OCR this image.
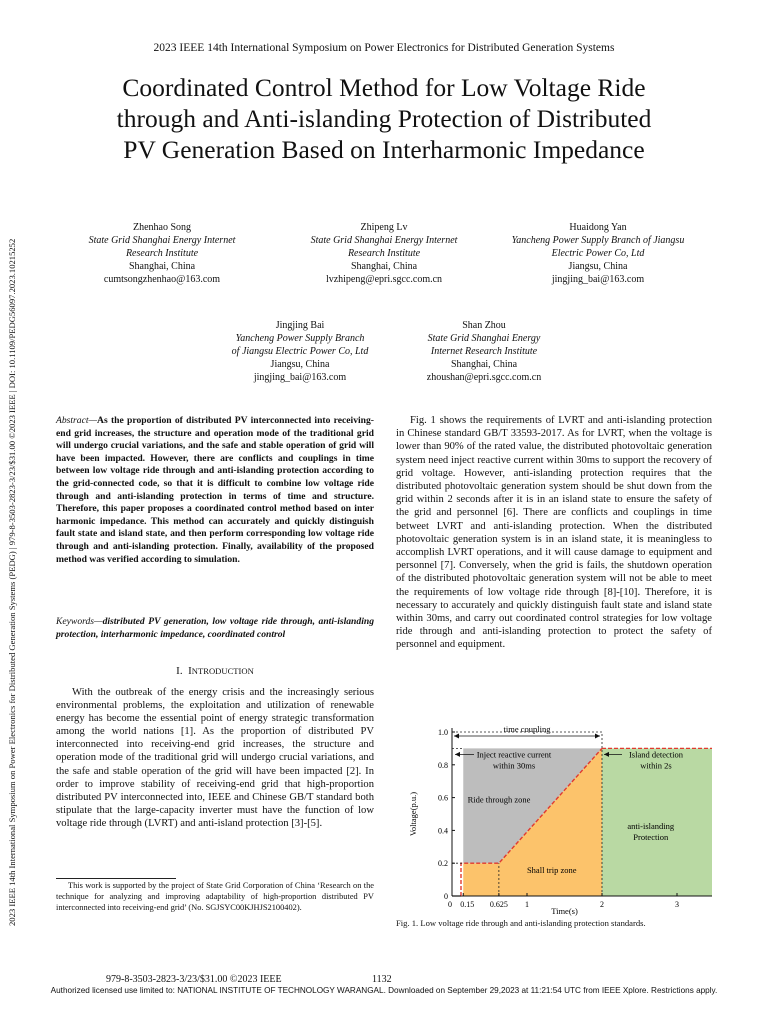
2023 IEEE 14th International Symposium on Power Electronics for Distributed Generation Systems
2023 IEEE 14th International Symposium on Power Electronics for Distributed Generation Systems (PEDG) | 979-8-3503-2823-3/23/$31.00 ©2023 IEEE | DOI: 10.1109/PEDG56097.2023.10215252
Coordinated Control Method for Low Voltage Ride
through and Anti-islanding Protection of Distributed
PV Generation Based on Interharmonic Impedance
Zhenhao Song
State Grid Shanghai Energy Internet
Research Institute
Shanghai, China
cumtsongzhenhao@163.com
Zhipeng Lv
State Grid Shanghai Energy Internet
Research Institute
Shanghai, China
lvzhipeng@epri.sgcc.com.cn
Huaidong Yan
Yancheng Power Supply Branch of Jiangsu
Electric Power Co, Ltd
Jiangsu, China
jingjing_bai@163.com
Jingjing Bai
Yancheng Power Supply Branch
of Jiangsu Electric Power Co, Ltd
Jiangsu, China
jingjing_bai@163.com
Shan Zhou
State Grid Shanghai Energy
Internet Research Institute
Shanghai, China
zhoushan@epri.sgcc.com.cn
Abstract—As the proportion of distributed PV interconnected into receiving-end grid increases, the structure and operation mode of the traditional grid will undergo crucial variations, and the safe and stable operation of grid will have been impacted. However, there are conflicts and couplings in time between low voltage ride through and anti-islanding protection according to the grid-connected code, so that it is difficult to combine low voltage ride through and anti-islanding protection in terms of time and structure. Therefore, this paper proposes a coordinated control method based on inter harmonic impedance. This method can accurately and quickly distinguish fault state and island state, and then perform corresponding low voltage ride through and anti-islanding protection. Finally, availability of the proposed method was verified according to simulation.
Keywords—distributed PV generation, low voltage ride through, anti-islanding protection, interharmonic impedance, coordinated control
I. INTRODUCTION
With the outbreak of the energy crisis and the increasingly serious environmental problems, the exploitation and utilization of renewable energy has become the essential point of energy strategic transformation among the world nations [1]. As the proportion of distributed PV interconnected into receiving-end grid increases, the structure and operation mode of the traditional grid will undergo crucial variations, and the safe and stable operation of the grid will have been impacted [2]. In order to improve stability of receiving-end grid that high-proportion distributed PV interconnected into, IEEE and Chinese GB/T standard both stipulate that the large-capacity inverter must have the function of low voltage ride through (LVRT) and anti-island protection [3]-[5].
This work is supported by the project of State Grid Corporation of China ‘Research on the technique for analyzing and improving adaptability of high-proportion distributed PV interconnected into receiving-end grid’ (No. SGJSYC00KJHJS2100402).
Fig. 1 shows the requirements of LVRT and anti-islanding protection in Chinese standard GB/T 33593-2017. As for LVRT, when the voltage is lower than 90% of the rated value, the distributed photovoltaic generation system need inject reactive current within 30ms to support the recovery of grid voltage. However, anti-islanding protection requires that the distributed photovoltaic generation system should be shut down from the grid within 2 seconds after it is in an island state to ensure the safety of the grid and personnel [6]. There are conflicts and couplings in time betweet LVRT and anti-islanding protection. When the distributed photovoltaic generation system is in an island state, it is meaningless to accomplish LVRT operations, and it will cause damage to equipment and personnel [7]. Conversely, when the grid is fails, the shutdown operation of the distributed photovoltaic generation system will not be able to meet the requirements of low voltage ride through [8]-[10]. Therefore, it is necessary to accurately and quickly distinguish fault state and island state within 30ms, and carry out coordinated control strategies for low voltage ride through and anti-islanding protection to protect the safety of personnel and equipment.
0
0.2
0.4
0.6
0.8
1.0
0 0.15 0.625 1	2	3
Time(s)
Voltage(p.u.)
time coupling
Inject reactive current
within 30ms
Island detection
within 2s
Ride through zone
anti-islanding
Protection
Shall trip zone
Fig. 1. Low voltage ride through and anti-islanding protection standards.
979-8-3503-2823-3/23/$31.00 ©2023 IEEE	1132
Authorized licensed use limited to: NATIONAL INSTITUTE OF TECHNOLOGY WARANGAL. Downloaded on September 29,2023 at 11:21:54 UTC from IEEE Xplore. Restrictions apply.
